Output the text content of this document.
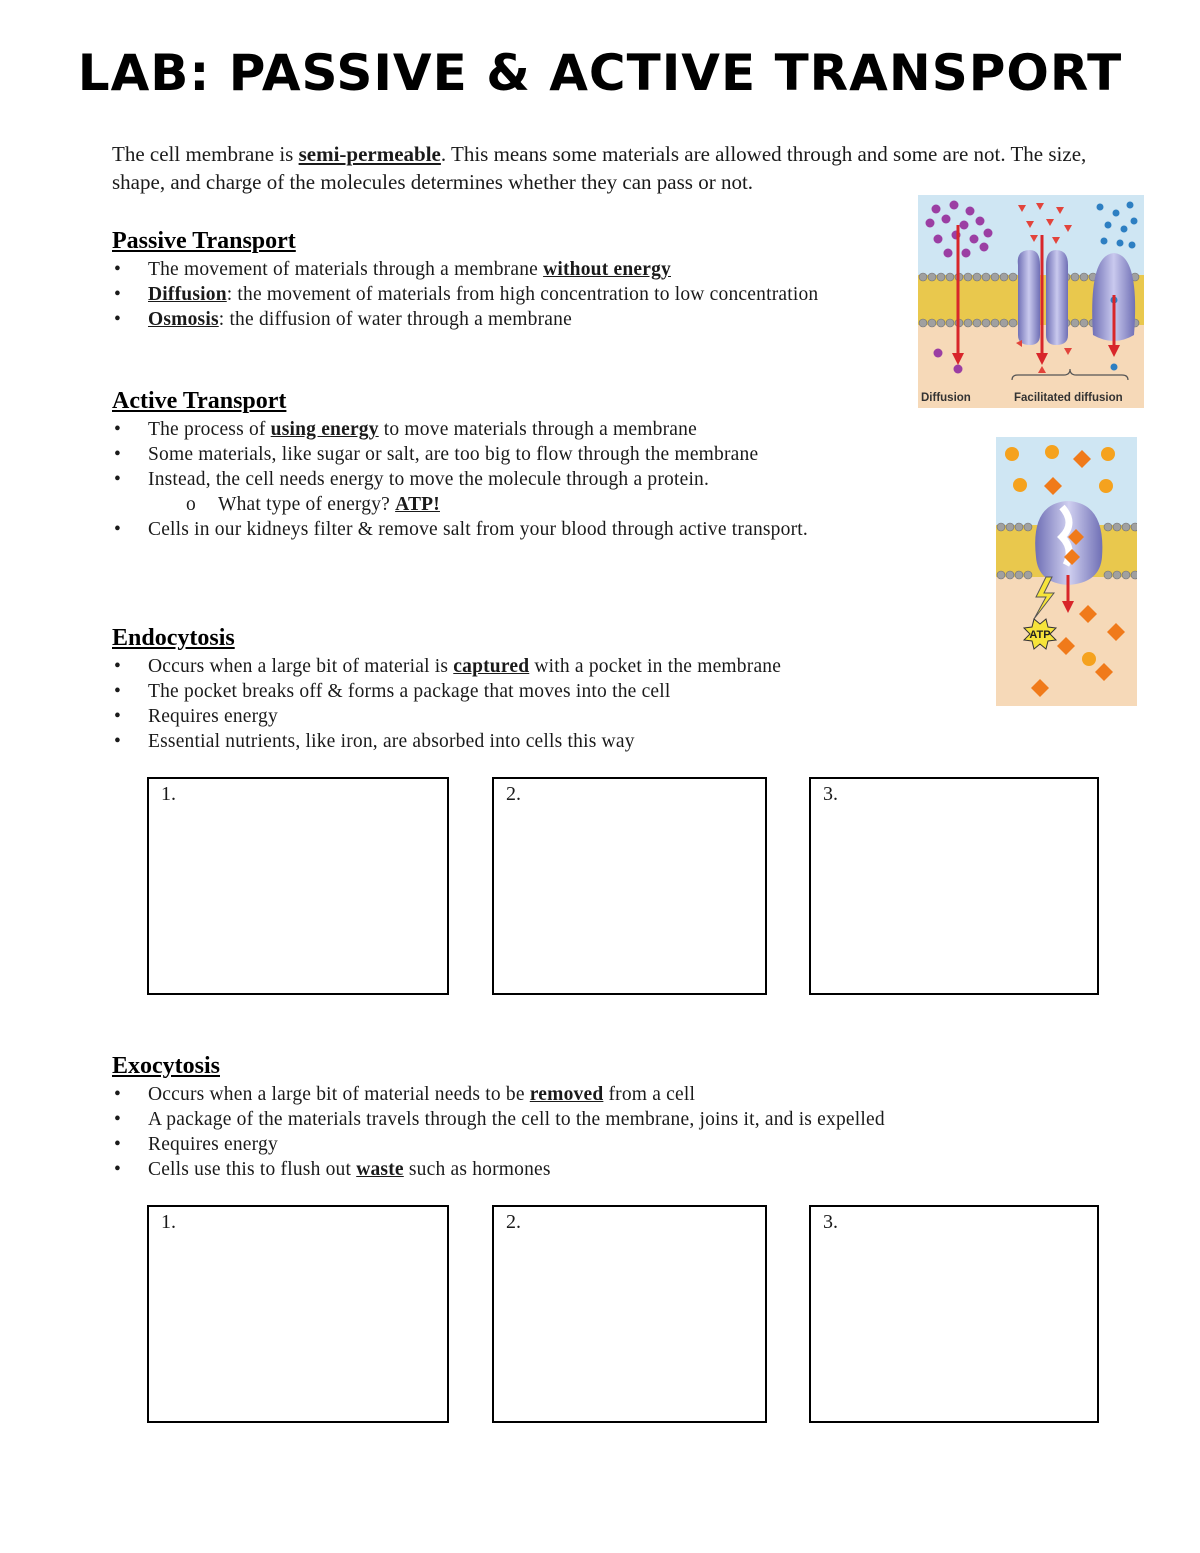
LAB: PASSIVE & ACTIVE TRANSPORT
The cell membrane is semi-permeable. This means some materials are allowed through and some are not. The size, shape, and charge of the molecules determines whether they can pass or not.
Passive Transport
• The movement of materials through a membrane without energy
• Diffusion: the movement of materials from high concentration to low concentration
• Osmosis: the diffusion of water through a membrane
Active Transport
• The process of using energy to move materials through a membrane
• Some materials, like sugar or salt, are too big to flow through the membrane
• Instead, the cell needs energy to move the molecule through a protein.
o What type of energy? ATP!
• Cells in our kidneys filter & remove salt from your blood through active transport.
Endocytosis
• Occurs when a large bit of material is captured with a pocket in the membrane
• The pocket breaks off & forms a package that moves into the cell
• Requires energy
• Essential nutrients, like iron, are absorbed into cells this way
1.	2.	3.
Exocytosis
• Occurs when a large bit of material needs to be removed from a cell
• A package of the materials travels through the cell to the membrane, joins it, and is expelled
• Requires energy
• Cells use this to flush out waste such as hormones
1.	2.	3.
Diffusion	Facilitated diffusion
ATP
